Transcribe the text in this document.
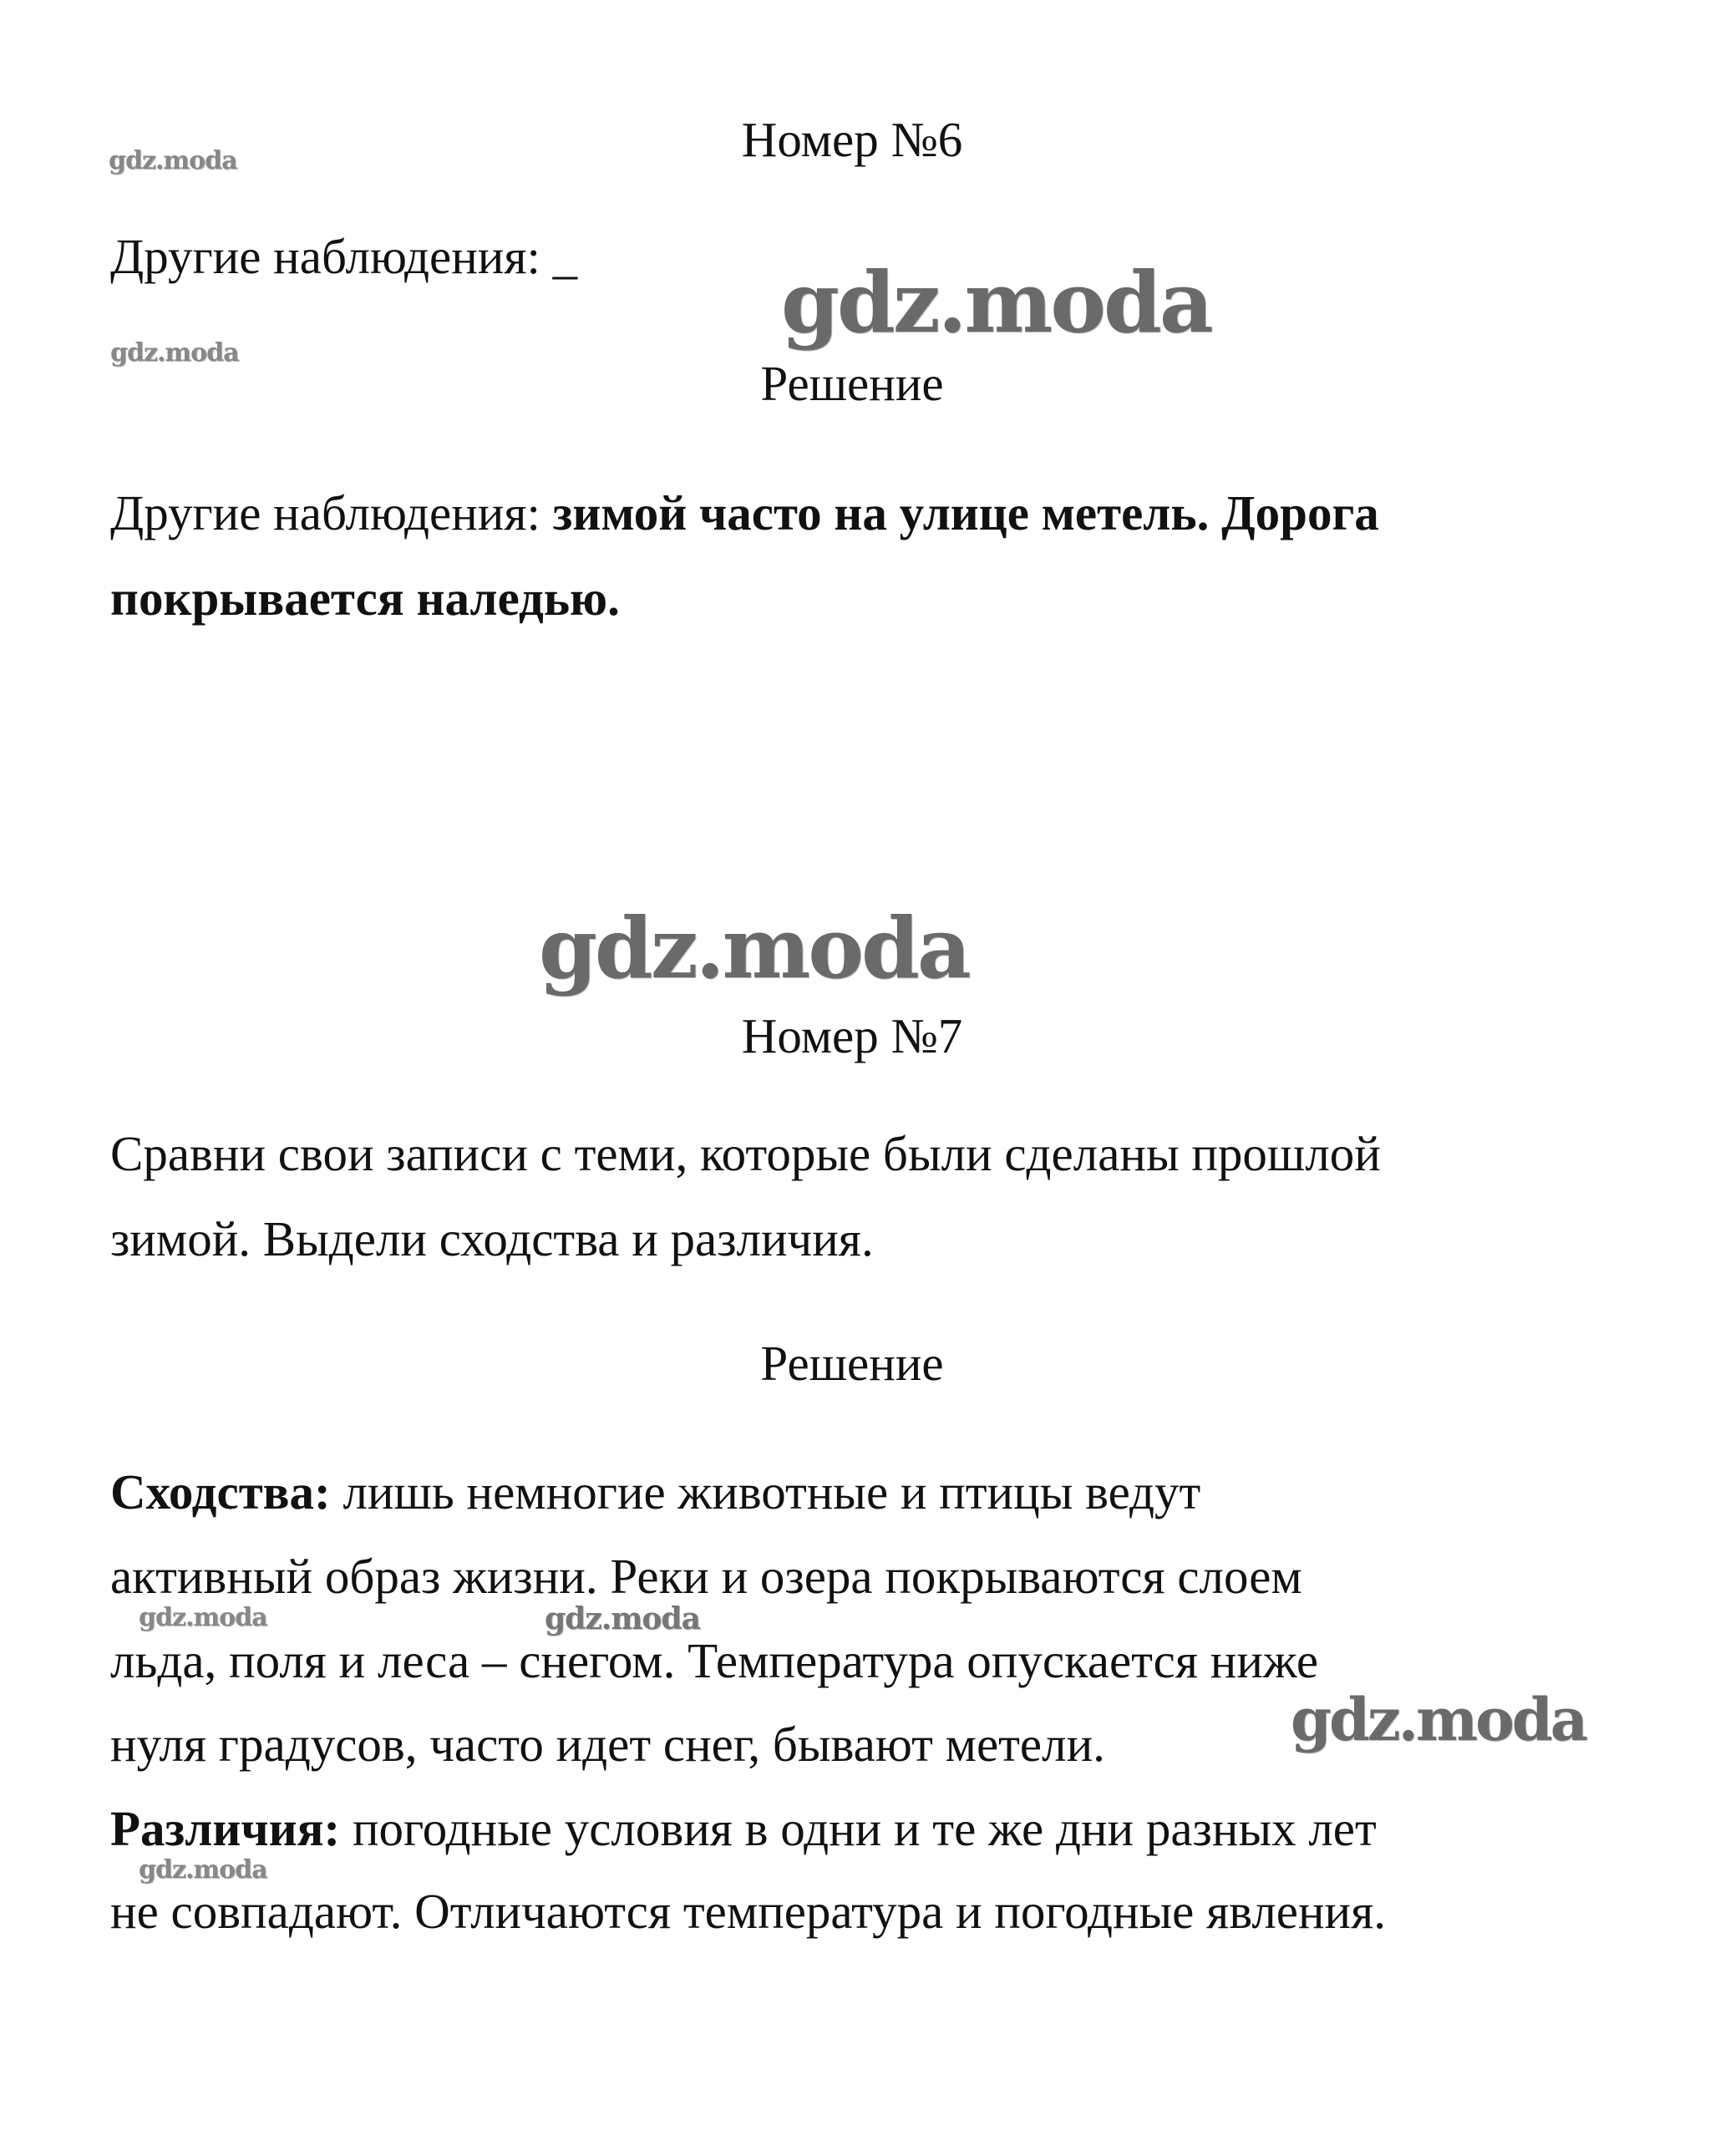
Номер №6
gdz.moda
Другие наблюдения: _ gdz.moda
gdz.moda
Решение
Другие наблюдения: зимой часто на улице метель. Дорога
покрывается наледью.
gdz.moda
Номер №7
Сравни свои записи с теми, которые были сделаны прошлой
зимой. Выдели сходства и различия.
Решение
Сходства: лишь немногие животные и птицы ведут
активный образ жизни. Реки и озера покрываются слоем
gdz.moda	gdz.moda
льда, поля и леса – снегом. Температура опускается ниже
нуля градусов, часто идет снег, бывают метели.	gdz.moda
Различия: погодные условия в одни и те же дни разных лет
gdz.moda
не совпадают. Отличаются температура и погодные явления.
